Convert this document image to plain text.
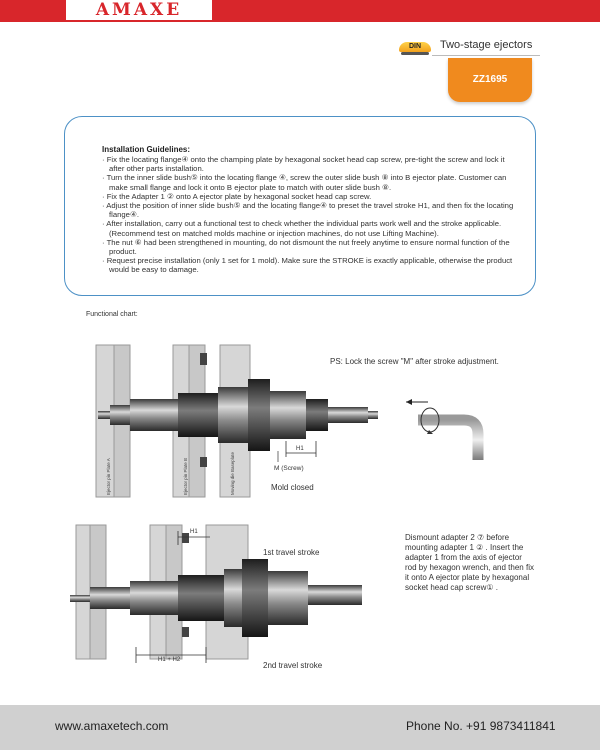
AMAXE
DIN	Two-stage ejectors
ZZ1695
Installation Guidelines:
· Fix the locating flange④ onto the champing plate by hexagonal socket head cap screw, pre-tight the screw and lock it after other parts installation.
· Turn the inner slide bush⑤ into the locating flange ④, screw the outer slide bush ⑧ into B ejector plate. Customer can make small flange and lock it onto B ejector plate to match with outer slide bush ⑧.
· Fix the Adapter 1 ② onto A ejector plate by hexagonal socket head cap screw.
· Adjust the position of inner slide bush⑤ and the locating flange④ to preset the travel stroke H1, and then fix the locating flange④.
· After installation, carry out a functional test to check whether the individual parts work well and the stroke applicable. (Recommend test on matched molds machine or injection machines, do not use Lifting Machine).
· The nut ⑥ had been strengthened in mounting, do not dismount the nut freely anytime to ensure normal function of the product.
· Request precise installation (only 1 set for 1 mold). Make sure the STROKE is exactly applicable, otherwise the product would be easy to damage.
Functional chart:
H1
Ejector pin Plate A	Ejector pin Plate B	Moving die Baseplate
PS: Lock the screw "M" after stroke adjustment.
M (Screw)
Mold closed
H1
H1 + H2
1st travel stroke
2nd travel stroke
Dismount adapter 2 ⑦ before mounting adapter 1 ② . Insert the adapter 1 from the axis of ejector rod by hexagon wrench, and then fix it onto A ejector plate by hexagonal socket head cap screw① .
www.amaxetech.com	Phone No. +91 9873411841
